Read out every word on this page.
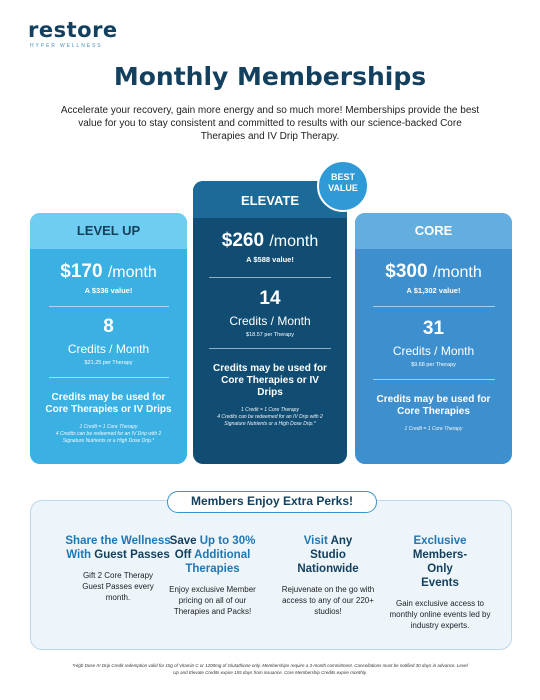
restore
HYPER WELLNESS
Monthly Memberships
Accelerate your recovery, gain more energy and so much more! Memberships provide the best value for you to stay consistent and committed to results with our science-backed Core Therapies and IV Drip Therapy.
LEVEL UP
$170 /month
A $336 value!
8
Credits / Month
$21.25 per Therapy
Credits may be used for Core Therapies or IV Drips
1 Credit = 1 Core Therapy
4 Credits can be redeemed for an IV Drip with 2 Signature Nutrients or a High Dose Drip.*
ELEVATE
$260 /month
A $588 value!
14
Credits / Month
$18.57 per Therapy
Credits may be used for Core Therapies or IV Drips
1 Credit = 1 Core Therapy
4 Credits can be redeemed for an IV Drip with 2 Signature Nutrients or a High Dose Drip.*
CORE
$300 /month
A $1,302 value!
31
Credits / Month
$9.68 per Therapy
Credits may be used for Core Therapies
1 Credit = 1 Core Therapy
BEST
VALUE
Members Enjoy Extra Perks!
Share the Wellness With Guest Passes
Gift 2 Core Therapy Guest Passes every month.
Save Up to 30% Off Additional Therapies
Enjoy exclusive Member pricing on all of our Therapies and Packs!
Visit Any Studio Nationwide
Rejuvenate on the go with access to any of our 220+ studios!
Exclusive Members-Only Events
Gain exclusive access to monthly online events led by industry experts.
*High Dose IV Drip Credit redemption valid for 15g of Vitamin C or 1200mg of Glutathione only. Memberships require a 3-month commitment. Cancellations must be notified 30 days in advance. Level Up and Elevate Credits expire 155 days from issuance. Core Membership Credits expire monthly.
